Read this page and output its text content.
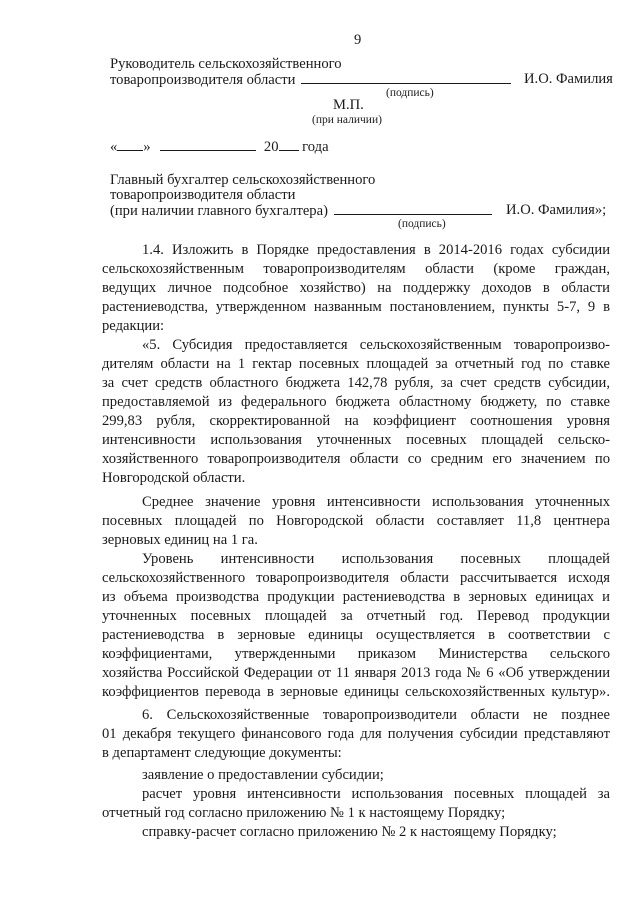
9
Руководитель сельскохозяйственного
товаропроизводителя области	И.О. Фамилия
(подпись)
М.П.
(при наличии)
« »	20 года
Главный бухгалтер сельскохозяйственного
товаропроизводителя области
(при наличии главного бухгалтера)	И.О. Фамилия»;
(подпись)
1.4. Изложить в Порядке предоставления в 2014-2016 годах субсидии
сельскохозяйственным товаропроизводителям области (кроме граждан,
ведущих личное подсобное хозяйство) на поддержку доходов в области
растениеводства, утвержденном названным постановлением, пункты 5-7, 9 в
редакции:
«5. Субсидия предоставляется сельскохозяйственным товаропроизво-
дителям области на 1 гектар посевных площадей за отчетный год по ставке
за счет средств областного бюджета 142,78 рубля, за счет средств субсидии,
предоставляемой из федерального бюджета областному бюджету, по ставке
299,83 рубля, скорректированной на коэффициент соотношения уровня
интенсивности использования уточненных посевных площадей сельско-
хозяйственного товаропроизводителя области со средним его значением по
Новгородской области.
Среднее значение уровня интенсивности использования уточненных
посевных площадей по Новгородской области составляет 11,8 центнера
зерновых единиц на 1 га.
Уровень интенсивности использования посевных площадей
сельскохозяйственного товаропроизводителя области рассчитывается исходя
из объема производства продукции растениеводства в зерновых единицах и
уточненных посевных площадей за отчетный год. Перевод продукции
растениеводства в зерновые единицы осуществляется в соответствии с
коэффициентами, утвержденными приказом Министерства сельского
хозяйства Российской Федерации от 11 января 2013 года № 6 «Об утверждении
коэффициентов перевода в зерновые единицы сельскохозяйственных культур».
6. Сельскохозяйственные товаропроизводители области не позднее
01 декабря текущего финансового года для получения субсидии представляют
в департамент следующие документы:
заявление о предоставлении субсидии;
расчет уровня интенсивности использования посевных площадей за
отчетный год согласно приложению № 1 к настоящему Порядку;
справку-расчет согласно приложению № 2 к настоящему Порядку;
